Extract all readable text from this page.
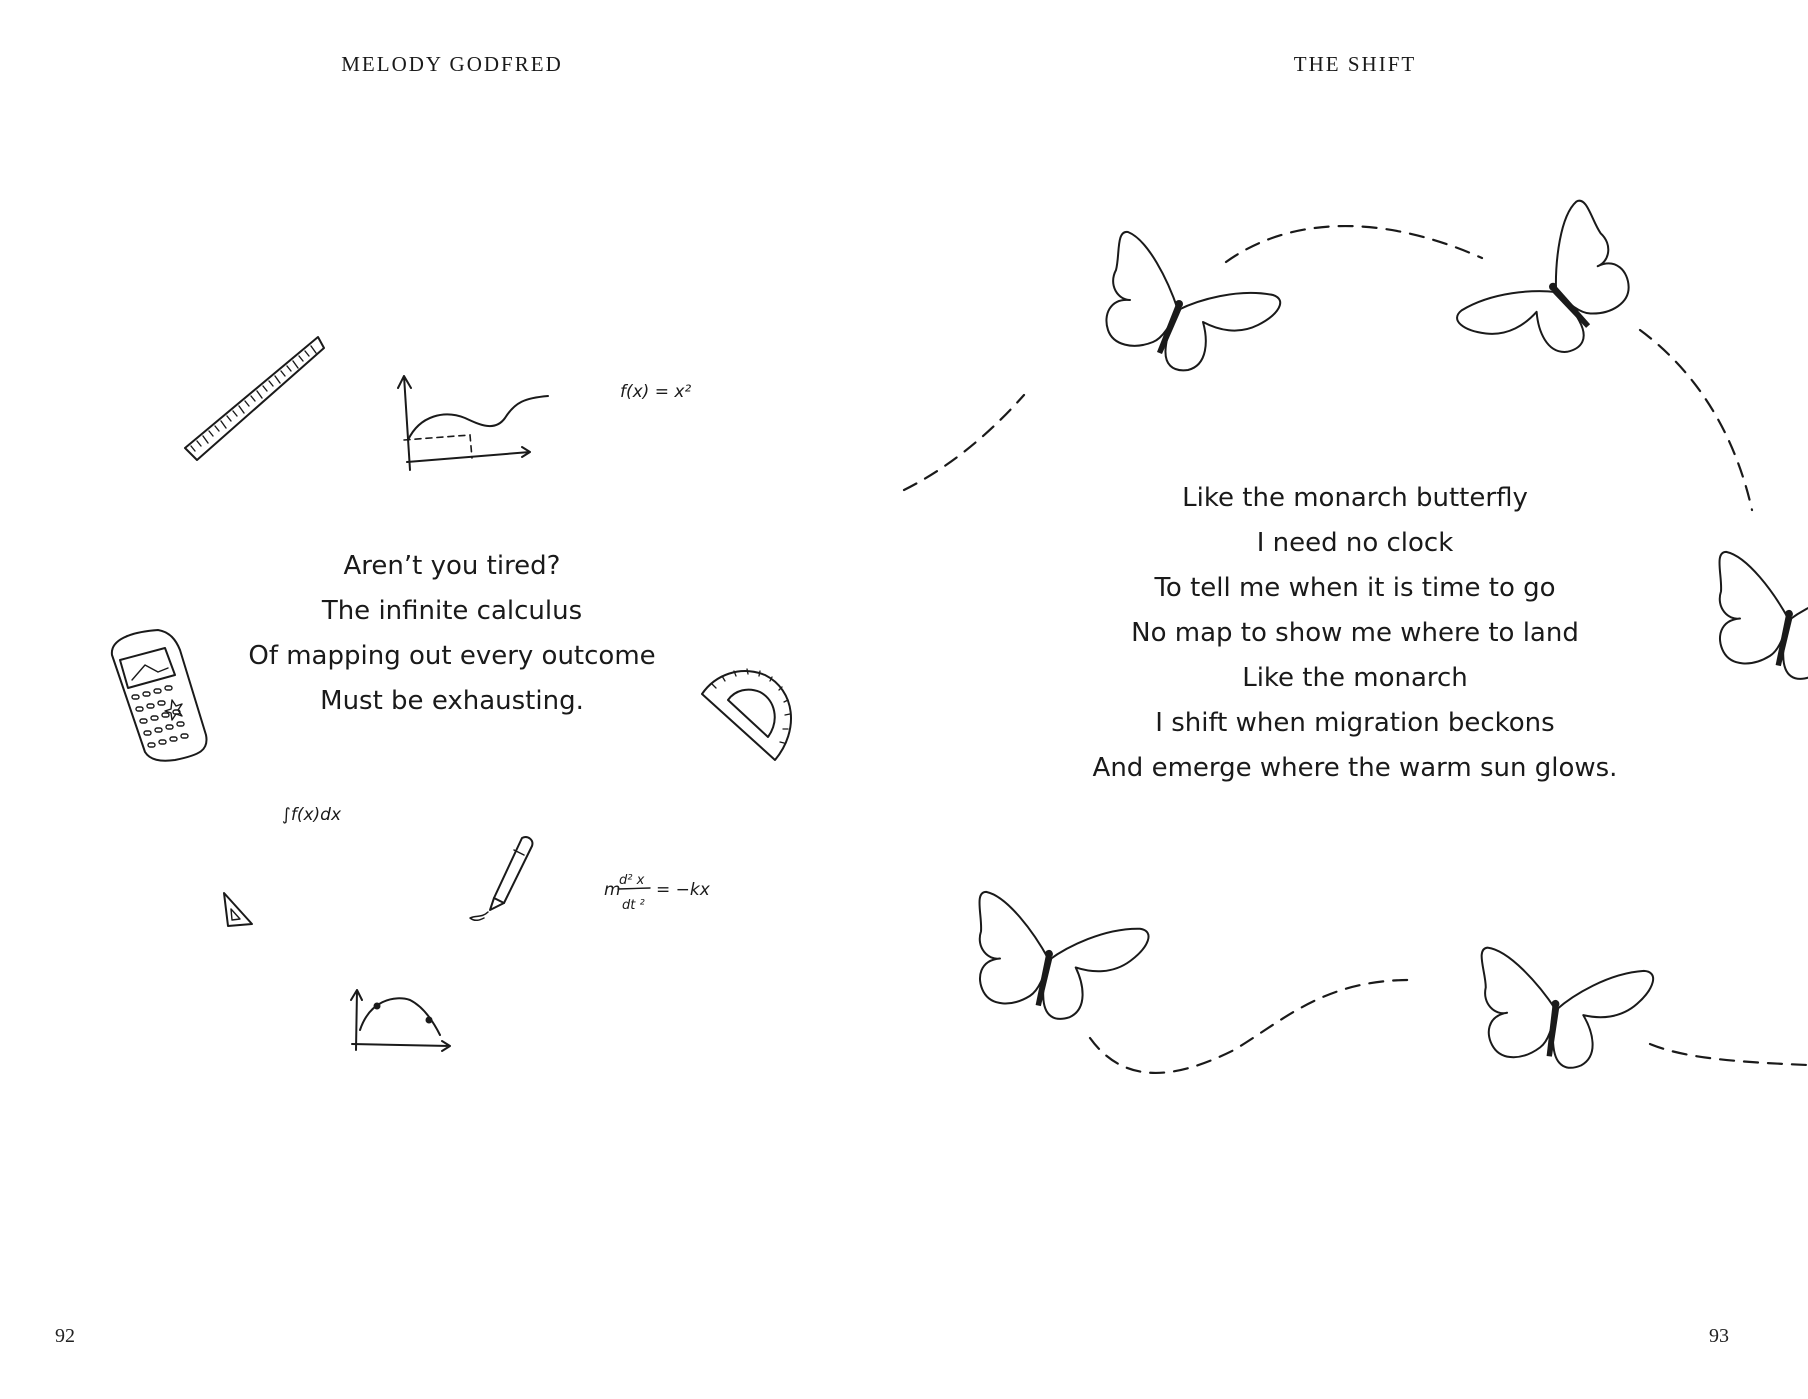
MELODY GODFRED
Aren’t you tired?
The infinite calculus
Of mapping out every outcome
Must be exhausting.
f(x) = x²
∫f(x)dx
m
d² x
dt ²
= −kx
92
THE SHIFT
Like the monarch butterfly
I need no clock
To tell me when it is time to go
No map to show me where to land
Like the monarch
I shift when migration beckons
And emerge where the warm sun glows.
93
